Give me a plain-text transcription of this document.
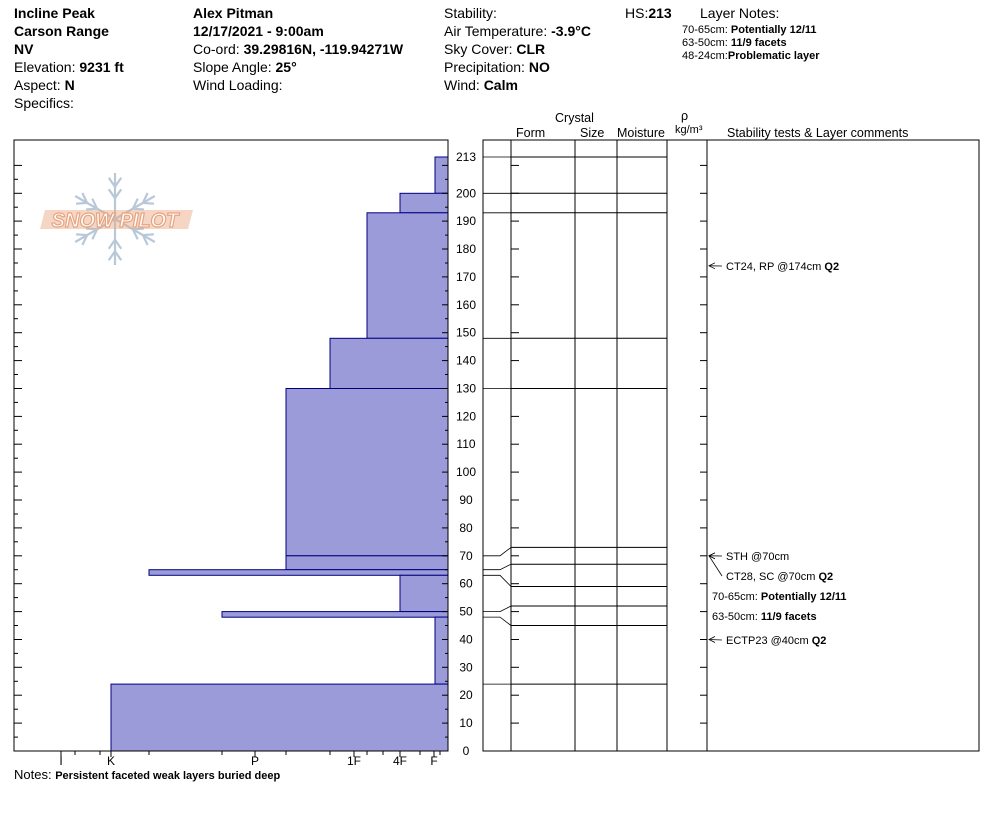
Incline Peak
Carson Range
NV
Elevation: 9231 ft
Aspect: N
Specifics:
Alex Pitman
12/17/2021 - 9:00am
Co-ord: 39.29816N, -119.94271W
Slope Angle: 25°
Wind Loading:
Stability:
Air Temperature: -3.9°C
Sky Cover: CLR
Precipitation: NO
Wind: Calm
HS:213 Layer Notes:
70-65cm: Potentially 12/11
63-50cm: 11/9 facets
48-24cm:Problematic layer
Crystal
Form	Size Moisture
ρ
kg/m³ Stability tests & Layer comments
Notes: Persistent faceted weak layers buried deep
SNOW PILOT
I	K	P	1F	4F F
213
200
190
180
170
160
150
140
130
120
110
100
90
80
70
60
50
40
30
20
10
0
CT24, RP @174cm Q2
STH @70cm
CT28, SC @70cm Q2
70-65cm: Potentially 12/11
63-50cm: 11/9 facets
ECTP23 @40cm Q2
